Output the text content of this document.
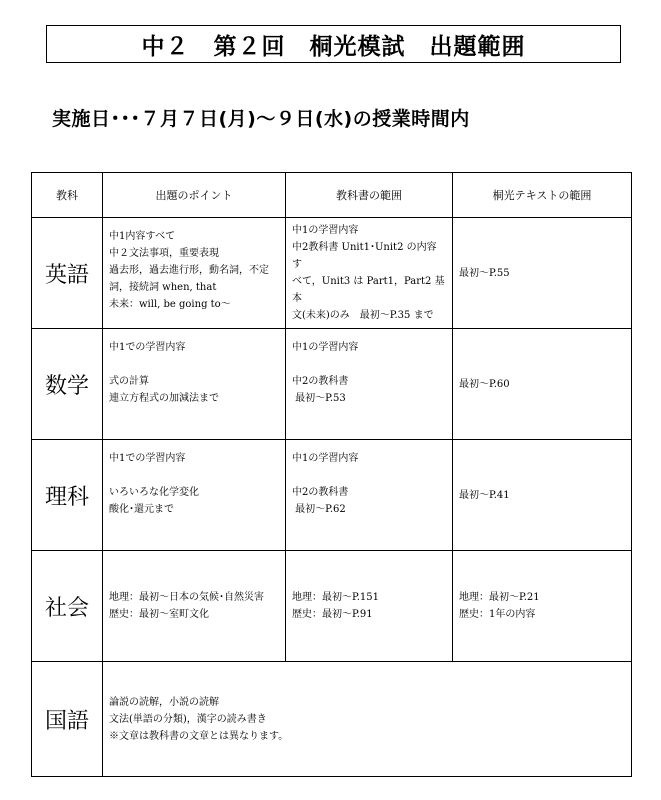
中２　第２回　桐光模試　出題範囲
実施日･･･７月７日(月)～９日(水)の授業時間内
教科	出題のポイント	教科書の範囲	桐光テキストの範囲
英語	中1内容すべて
中２文法事項，重要表現
過去形，過去進行形，動名詞，不定
詞，接続詞 when, that
未来：will, be going to～	中1の学習内容
中2教科書 Unit1･Unit2 の内容す
べて，Unit3 は Part1，Part2 基本
文(未来)のみ　最初～P.35 まで	最初～P.55

数学	中1での学習内容
式の計算
連立方程式の加減法まで	中1の学習内容
中2の教科書
最初～P.53	最初～P.60

理科	中1での学習内容
いろいろな化学変化
酸化･還元まで	中1の学習内容
中2の教科書
最初～P.62	最初～P.41

社会	地理：最初～日本の気候･自然災害
歴史：最初～室町文化	地理：最初～P.151
歴史：最初～P.91	地理：最初～P.21
歴史：1年の内容

国語	論説の読解，小説の読解
文法(単語の分類)，漢字の読み書き
※文章は教科書の文章とは異なります。		
